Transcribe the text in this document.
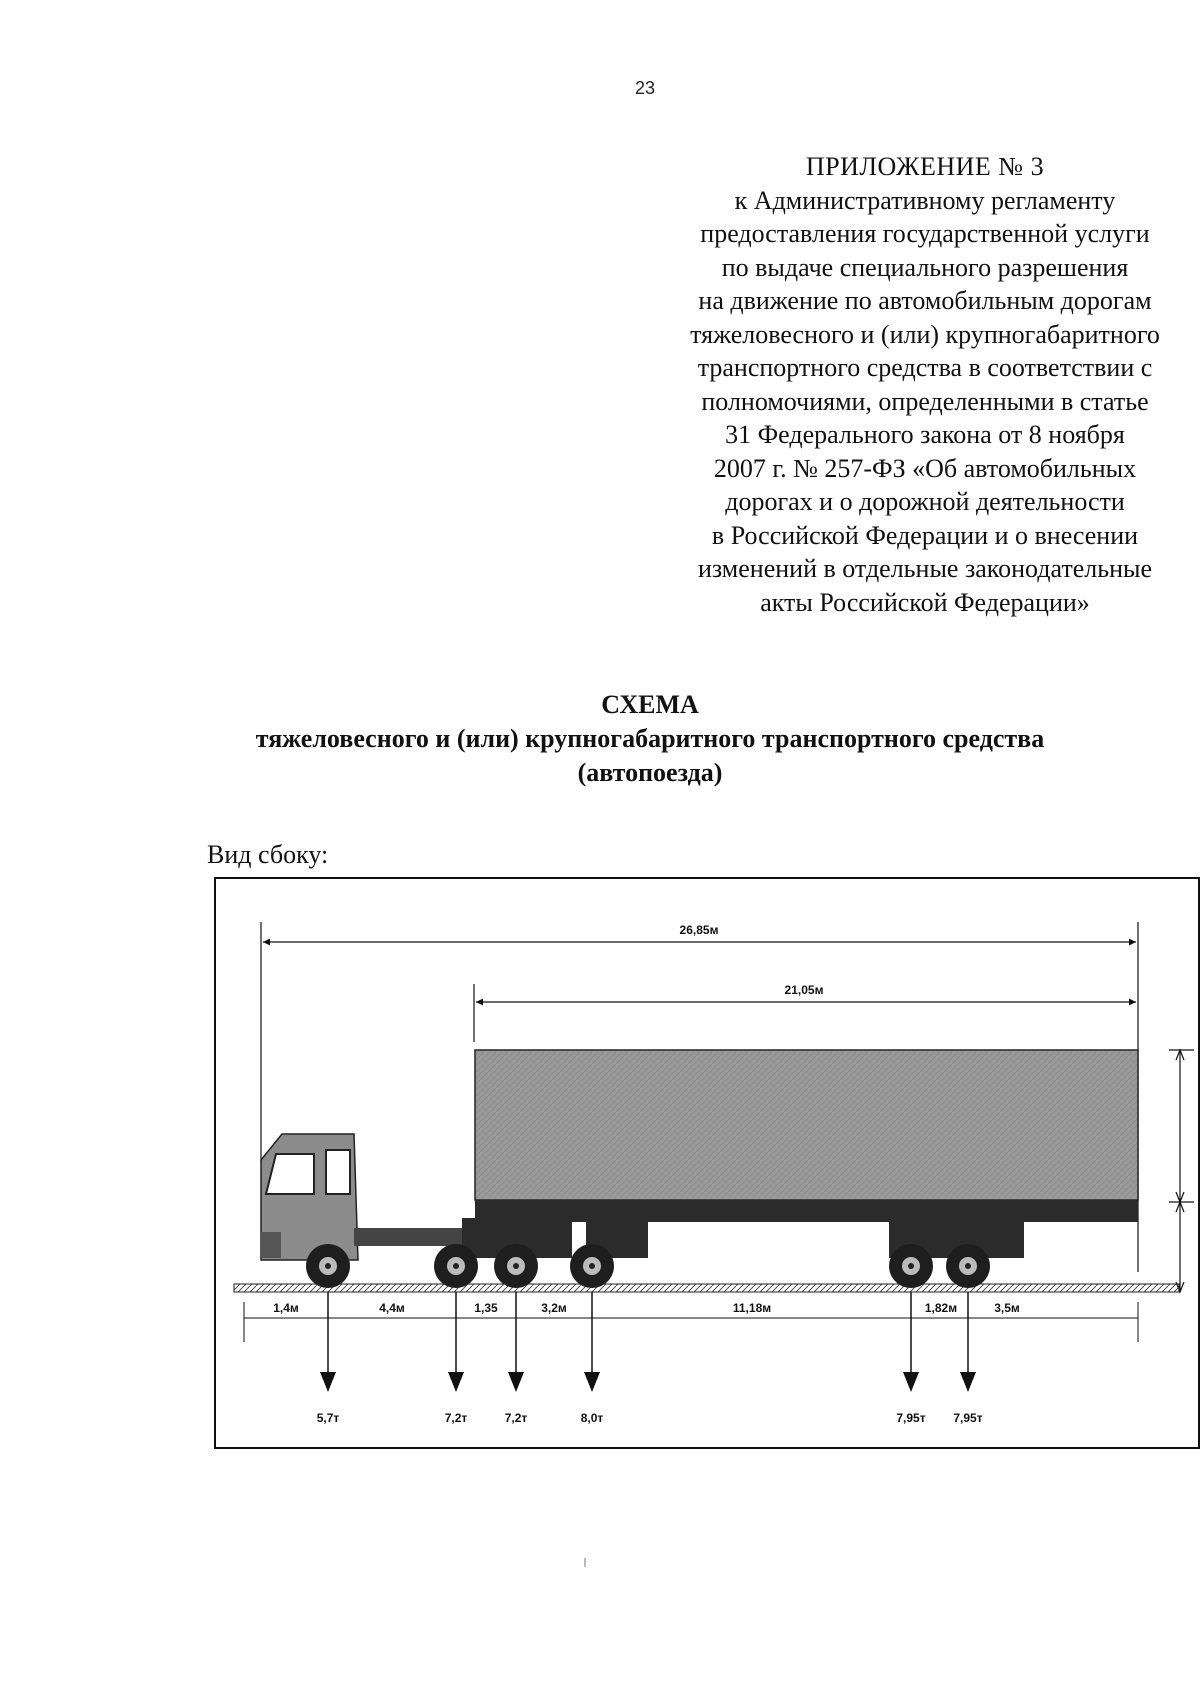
23
ПРИЛОЖЕНИЕ № 3
к Административному регламенту
предоставления государственной услуги
по выдаче специального разрешения
на движение по автомобильным дорогам
тяжеловесного и (или) крупногабаритного
транспортного средства в соответствии с
полномочиями, определенными в статье
31 Федерального закона от 8 ноября
2007 г. № 257-ФЗ «Об автомобильных
дорогах и о дорожной деятельности
в Российской Федерации и о внесении
изменений в отдельные законодательные
акты Российской Федерации»
СХЕМА
тяжеловесного и (или) крупногабаритного транспортного средства
(автопоезда)
Вид сбоку:
26,85м
21,05м
1,4м	4,4м	1,35	3,2м	11,18м	1,82м	3,5м
5,7т	7,2т	7,2т	8,0т	7,95т 7,95т
